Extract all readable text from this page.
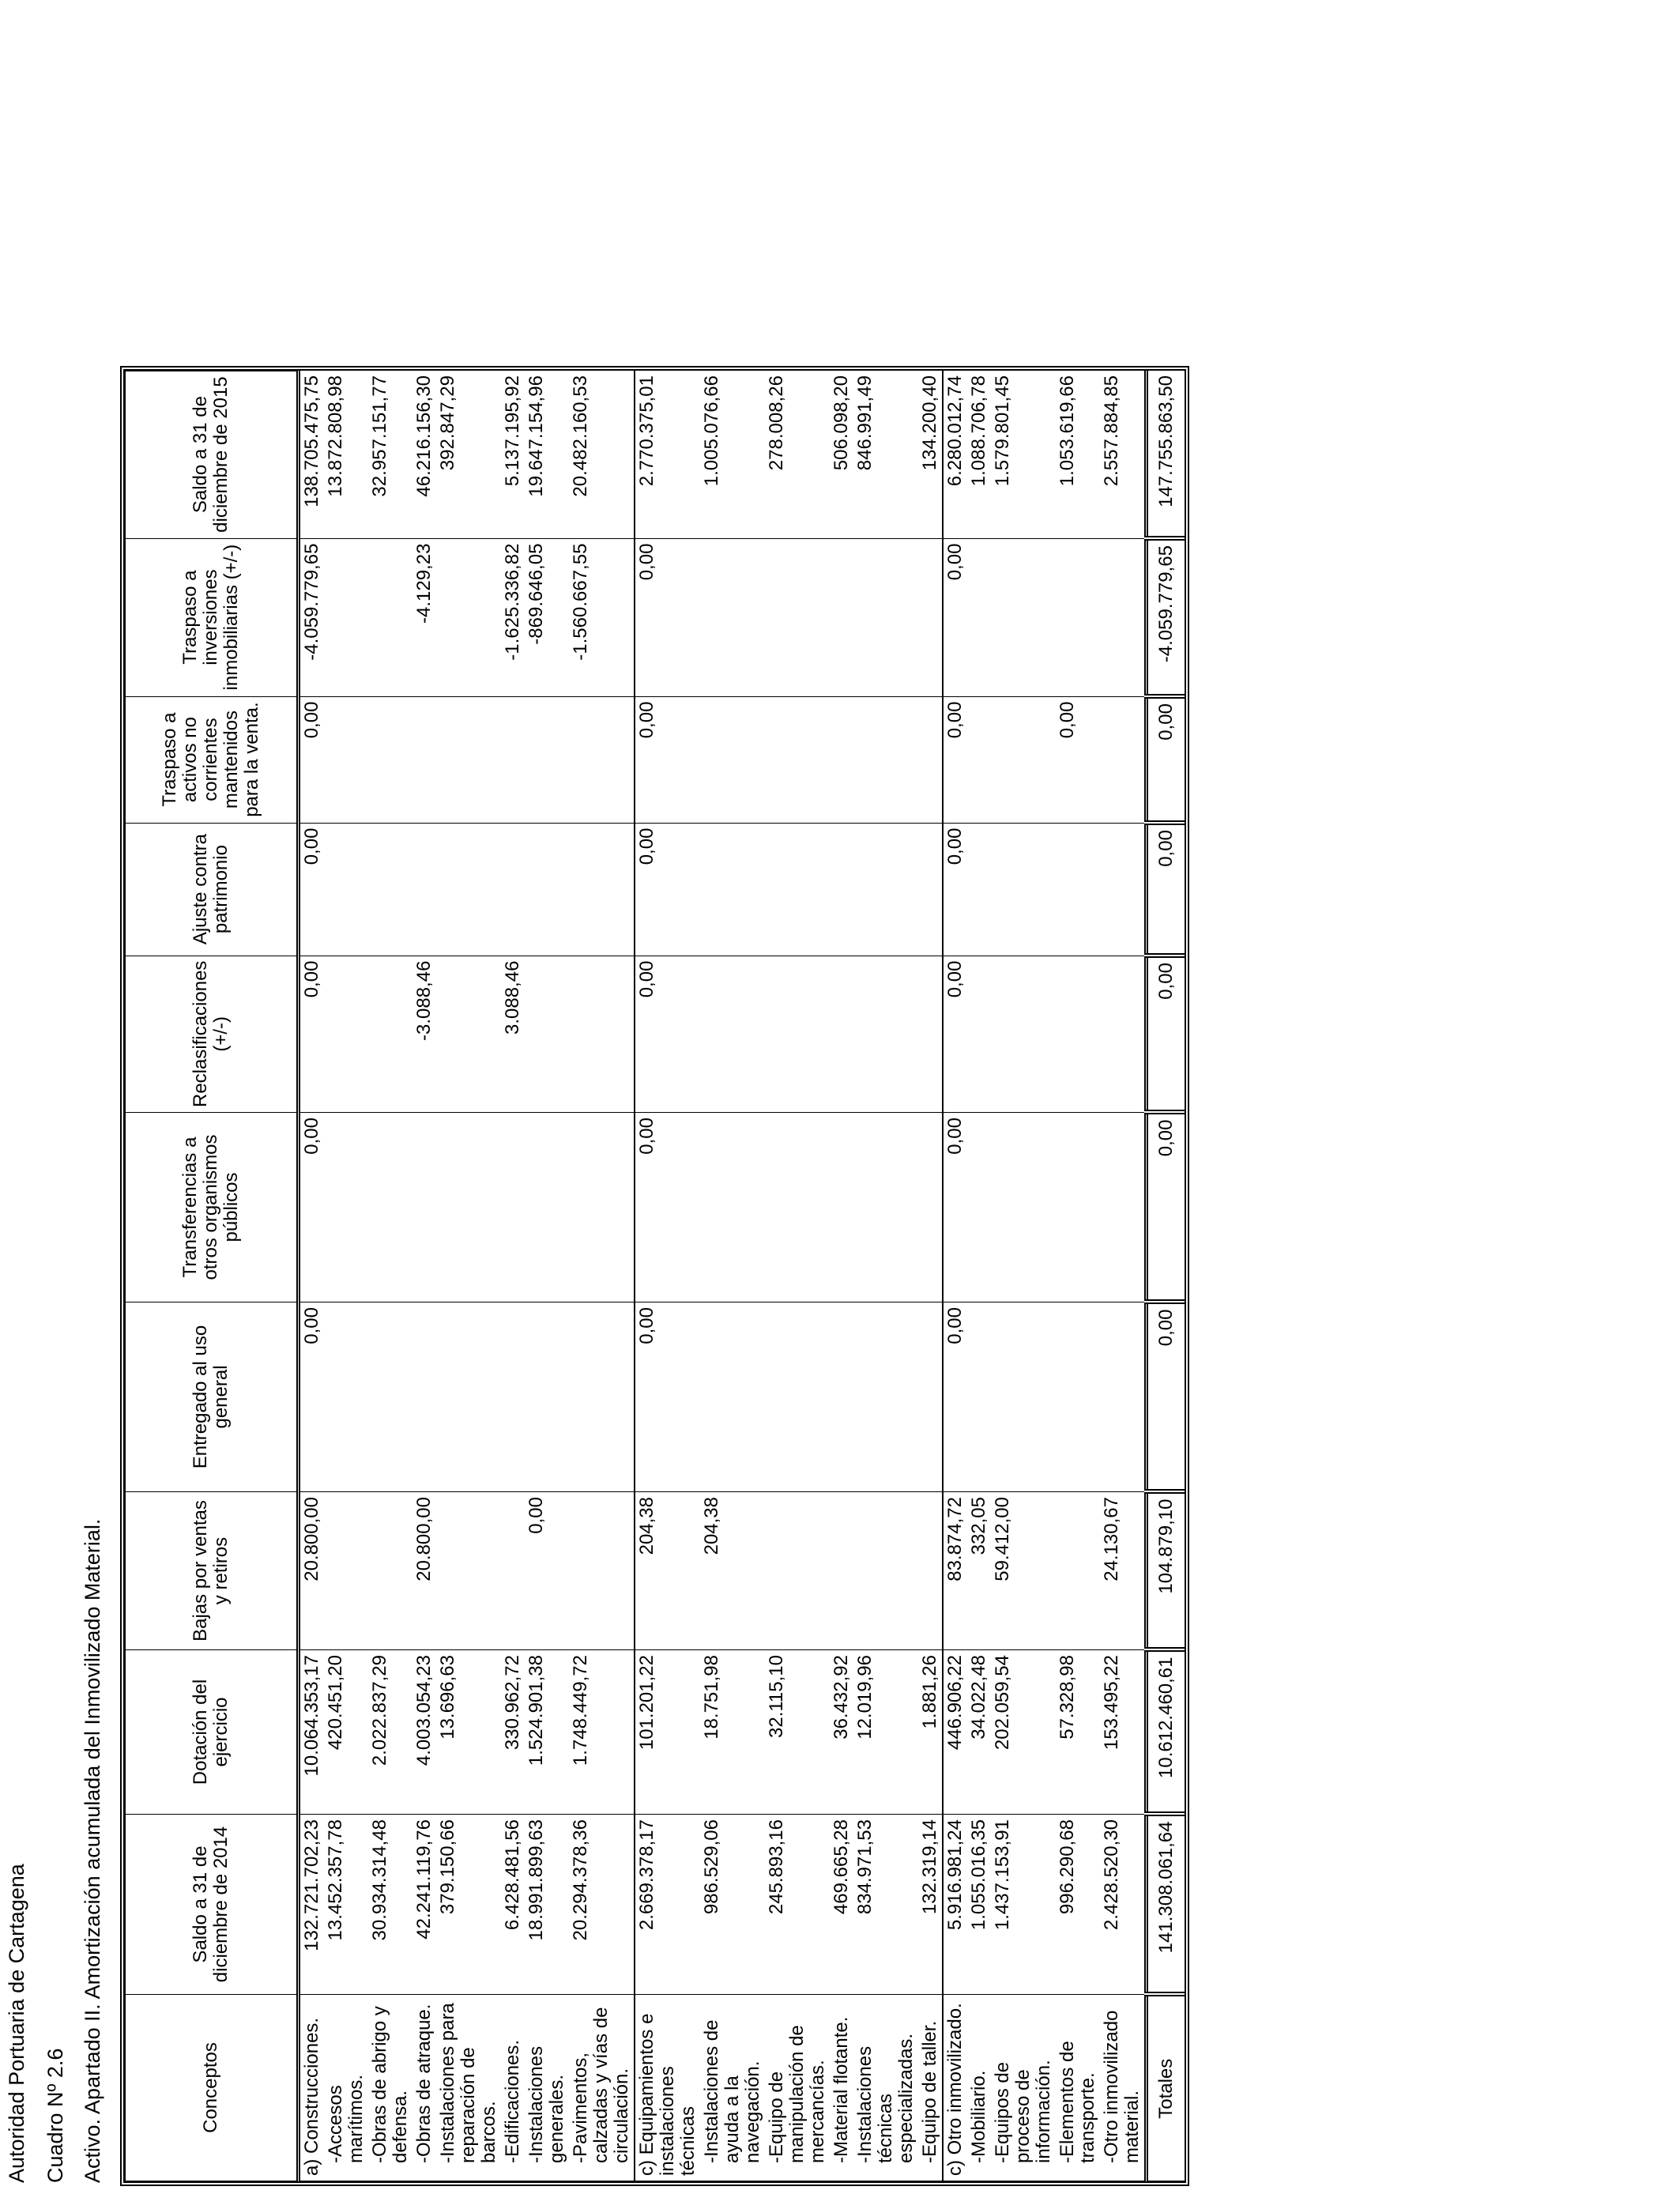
Autoridad Portuaria de Cartagena Cuadro Nº 2.6 Activo. Apartado II. Amortización acumulada del Inmovilizado Material.	Conceptos	Saldo a 31 de diciembre de 2014	Dotación del ejercicio	Bajas por ventas y retiros	Entregado al uso general	Transferencias a otros organismos públicos	Reclasificaciones (+/-)	Ajuste contra patrimonio	Traspaso a activos no corrientes mantenidos para la venta.	Traspaso a inversiones inmobiliarias (+/-)	Saldo a 31 de diciembre de 2015
a) Construcciones.	132.721.702,23	10.064.353,17	20.800,00	0,00	0,00	0,00	0,00	0,00	-4.059.779,65	138.705.475,75
-Accesos marítimos.	13.452.357,78	420.451,20								13.872.808,98
-Obras de abrigo y defensa.	30.934.314,48	2.022.837,29								32.957.151,77
-Obras de atraque.	42.241.119,76	4.003.054,23	20.800,00			-3.088,46			-4.129,23	46.216.156,30
-Instalaciones para reparación de barcos.	379.150,66	13.696,63								392.847,29
-Edificaciones.	6.428.481,56	330.962,72				3.088,46			-1.625.336,82	5.137.195,92
-Instalaciones generales.	18.991.899,63	1.524.901,38	0,00						-869.646,05	19.647.154,96
-Pavimentos, calzadas y vías de circulación.	20.294.378,36	1.748.449,72							-1.560.667,55	20.482.160,53
c) Equipamientos e instalaciones técnicas	2.669.378,17	101.201,22	204,38	0,00	0,00	0,00	0,00	0,00	0,00	2.770.375,01
-Instalaciones de ayuda a la navegación.	986.529,06	18.751,98	204,38							1.005.076,66
-Equipo de manipulación de mercancías.	245.893,16	32.115,10								278.008,26
-Material flotante.	469.665,28	36.432,92								506.098,20
-Instalaciones técnicas especializadas.	834.971,53	12.019,96								846.991,49
-Equipo de taller.	132.319,14	1.881,26								134.200,40
c) Otro inmovilizado.	5.916.981,24	446.906,22	83.874,72	0,00	0,00	0,00	0,00	0,00	0,00	6.280.012,74
-Mobiliario.	1.055.016,35	34.022,48	332,05							1.088.706,78
-Equipos de proceso de información.	1.437.153,91	202.059,54	59.412,00							1.579.801,45
-Elementos de transporte.	996.290,68	57.328,98						0,00		1.053.619,66
-Otro inmovilizado material.	2.428.520,30	153.495,22	24.130,67							2.557.884,85
Totales	141.308.061,64	10.612.460,61	104.879,10	0,00	0,00	0,00	0,00	0,00	-4.059.779,65	147.755.863,50
